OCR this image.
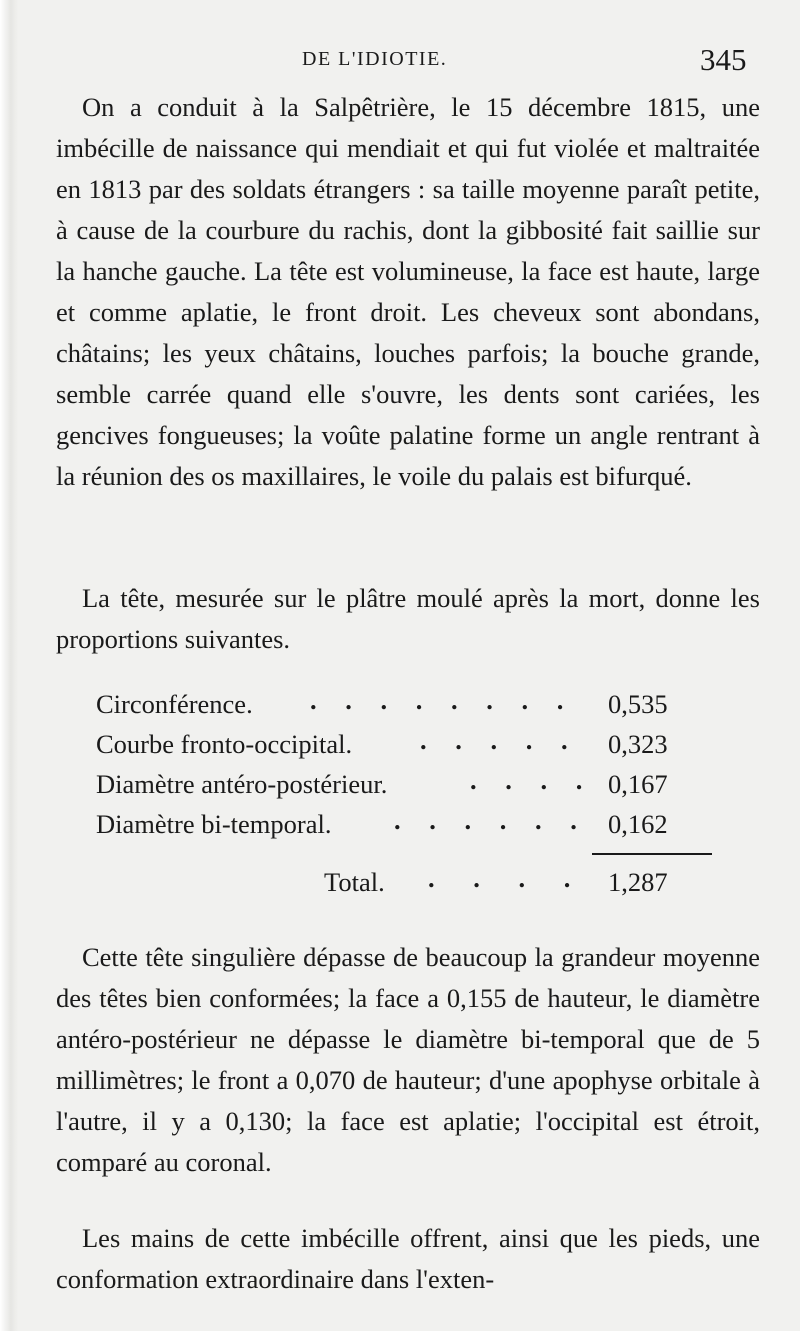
DE L'IDIOTIE.	345

On a conduit à la Salpêtrière, le 15 décembre 1815, une imbécille de naissance qui mendiait et qui fut violée et maltraitée en 1813 par des soldats étrangers : sa taille moyenne paraît petite, à cause de la courbure du rachis, dont la gibbosité fait saillie sur la hanche gauche. La tête est volumineuse, la face est haute, large et comme aplatie, le front droit. Les cheveux sont abondans, châtains; les yeux châtains, louches parfois; la bouche grande, semble carrée quand elle s'ouvre, les dents sont cariées, les gencives fongueuses; la voûte palatine forme un angle rentrant à la réunion des os maxillaires, le voile du palais est bifurqué.

La tête, mesurée sur le plâtre moulé après la mort, donne les proportions suivantes.

Circonférence. . . . . . . . . 0,535
Courbe fronto-occipital.	. . . . . 0,323
Diamètre antéro-postérieur.	. . . . 0,167
Diamètre bi-temporal. . . . . . . 0,162
Total. . . . . 1,287

Cette tête singulière dépasse de beaucoup la grandeur moyenne des têtes bien conformées; la face a 0,155 de hauteur, le diamètre antéro-postérieur ne dépasse le diamètre bi-temporal que de 5 millimètres; le front a 0,070 de hauteur; d'une apophyse orbitale à l'autre, il y a 0,130; la face est aplatie; l'occipital est étroit, comparé au coronal.

Les mains de cette imbécille offrent, ainsi que les pieds, une conformation extraordinaire dans l'exten-
